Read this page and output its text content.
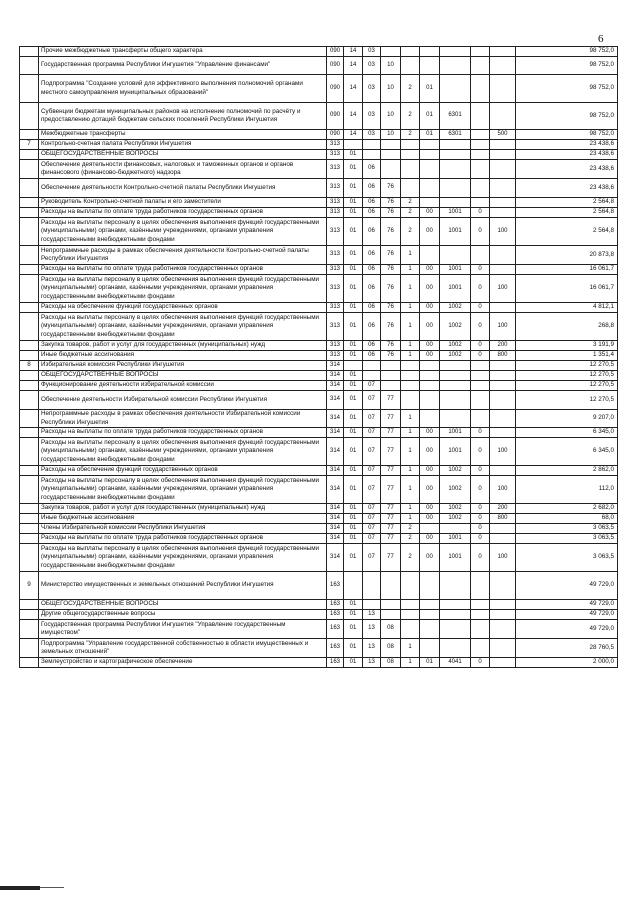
6
	Прочие межбюджетные трансферты общего характера	090	14	03							98 752,0
	Государственная программа Республики Ингушетия "Управление финансами"	090	14	03	10						98 752,0
	Подпрограмма "Создание условий для эффективного выполнения полномочий органами местного самоуправления муниципальных образований"	090	14	03	10	2	01				98 752,0
	Субвенции бюджетам муниципальных районов на исполнение полномочий по расчёту и предоставлению дотаций бюджетам сельских поселений Республики Ингушетия	090	14	03	10	2	01	6301			98 752,0
	Межбюджетные трансферты	090	14	03	10	2	01	6301		500	98 752,0
7	Контрольно-счетная палата Республики Ингушетия	313									23 438,6
	ОБЩЕГОСУДАРСТВЕННЫЕ ВОПРОСЫ	313	01								23 438,6
	Обеспечение деятельности финансовых, налоговых и таможенных органов и органов финансового (финансово-бюджетного) надзора	313	01	06							23 438,6
	Обеспечение деятельности Контрольно-счетной палаты Республики Ингушетия	313	01	06	76						23 438,6
	Руководитель Контрольно-счетной палаты и его заместители	313	01	06	76	2					2 564,8
	Расходы на выплаты по оплате труда работников государственных органов	313	01	06	76	2	00	1001	0		2 564,8
	Расходы на выплаты персоналу в целях обеспечения выполнения функций государственными (муниципальными) органами, казёнными учреждениями, органами управления государственными внебюджетными фондами	313	01	06	76	2	00	1001	0	100	2 564,8
	Непрограммные расходы в рамках обеспечения деятельности Контрольно-счетной палаты Республики Ингушетия	313	01	06	76	1					20 873,8
	Расходы на выплаты по оплате труда работников государственных органов	313	01	06	76	1	00	1001	0		16 061,7
	Расходы на выплаты персоналу в целях обеспечения выполнения функций государственными (муниципальными) органами, казёнными учреждениями, органами управления государственными внебюджетными фондами	313	01	06	76	1	00	1001	0	100	16 061,7
	Расходы на обеспечение функций государственных органов	313	01	06	76	1	00	1002	0		4 812,1
	Расходы на выплаты персоналу в целях обеспечения выполнения функций государственными (муниципальными) органами, казёнными учреждениями, органами управления государственными внебюджетными фондами	313	01	06	76	1	00	1002	0	100	268,8
	Закупка товаров, работ и услуг для государственных (муниципальных) нужд	313	01	06	76	1	00	1002	0	200	3 191,9
	Иные бюджетные ассигнования	313	01	06	76	1	00	1002	0	800	1 351,4
8	Избирательная комиссия Республики Ингушетия	314									12 270,5
	ОБЩЕГОСУДАРСТВЕННЫЕ ВОПРОСЫ	314	01								12 270,5
	Функционирование деятельности избирательной комиссии	314	01	07							12 270,5
	Обеспечение деятельности Избирательной комиссии Республики Ингушетия	314	01	07	77						12 270,5
	Непрограммные расходы в рамках обеспечения деятельности Избирательной комиссии Республики Ингушетия	314	01	07	77	1					9 207,0
	Расходы на выплаты по оплате труда работников государственных органов	314	01	07	77	1	00	1001	0		6 345,0
	Расходы на выплаты персоналу в целях обеспечения выполнения функций государственными (муниципальными) органами, казёнными учреждениями, органами управления государственными внебюджетными фондами	314	01	07	77	1	00	1001	0	100	6 345,0
	Расходы на обеспечение функций государственных органов	314	01	07	77	1	00	1002	0		2 862,0
	Расходы на выплаты персоналу в целях обеспечения выполнения функций государственными (муниципальными) органами, казёнными учреждениями, органами управления государственными внебюджетными фондами	314	01	07	77	1	00	1002	0	100	112,0
	Закупка товаров, работ и услуг для государственных (муниципальных) нужд	314	01	07	77	1	00	1002	0	200	2 682,0
	Иные бюджетные ассигнования	314	01	07	77	1	00	1002	0	800	68,0
	Члены Избирательной комиссии Республики Ингушетия	314	01	07	77	2			0		3 063,5
	Расходы на выплаты по оплате труда работников государственных органов	314	01	07	77	2	00	1001	0		3 063,5
	Расходы на выплаты персоналу в целях обеспечения выполнения функций государственными (муниципальными) органами, казёнными учреждениями, органами управления государственными внебюджетными фондами	314	01	07	77	2	00	1001	0	100	3 063,5
9	Министерство имущественных и земельных отношений Республики Ингушетия	163									49 729,0
	ОБЩЕГОСУДАРСТВЕННЫЕ ВОПРОСЫ	163	01								49 729,0
	Другие общегосударственные вопросы	163	01	13							49 729,0
	Государственная программа Республики Ингушетия "Управление государственным имуществом"	163	01	13	08						49 729,0
	Подпрограмма "Управление государственной собственностью в области имущественных и земельных отношений"	163	01	13	08	1					28 760,5
	Землеустройство и картографическое обеспечение	163	01	13	08	1	01	4041	0		2 000,0
